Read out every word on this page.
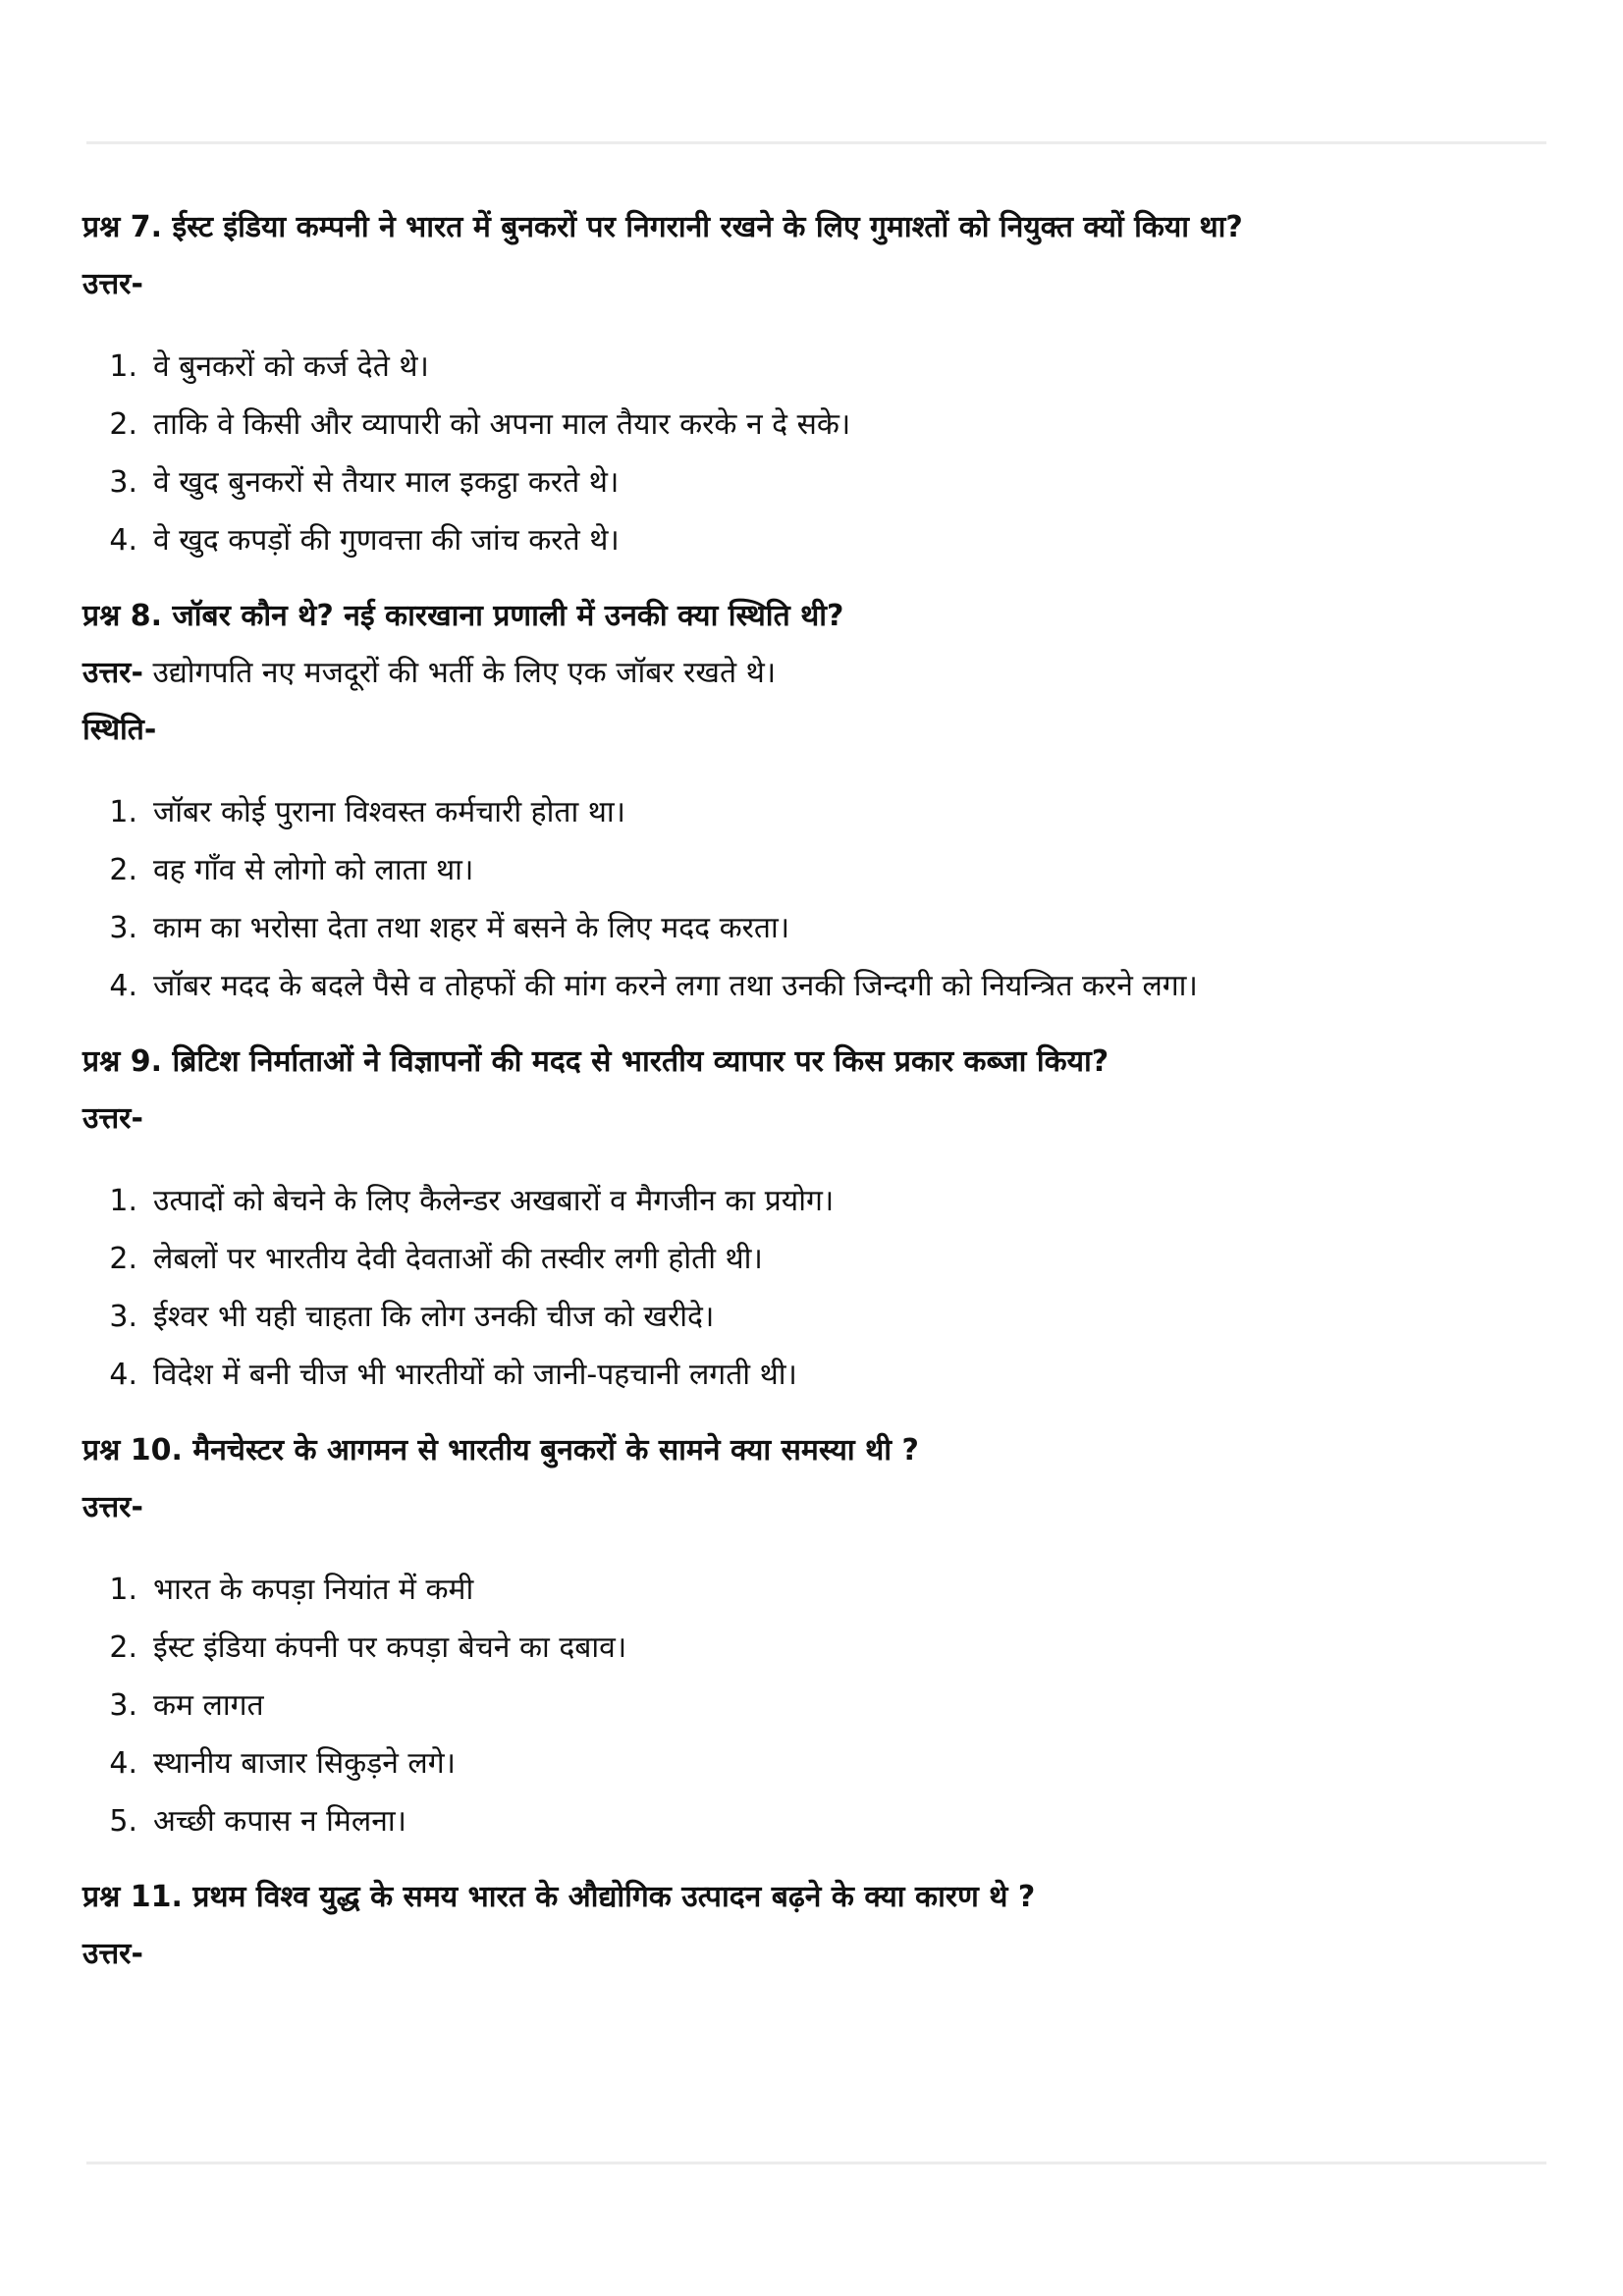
प्रश्न 7. ईस्ट इंडिया कम्पनी ने भारत में बुनकरों पर निगरानी रखने के लिए गुमाश्तों को नियुक्त क्यों किया था?

उत्तर-

1. वे बुनकरों को कर्ज देते थे।
2. ताकि वे किसी और व्यापारी को अपना माल तैयार करके न दे सके।
3. वे खुद बुनकरों से तैयार माल इकट्ठा करते थे।
4. वे खुद कपड़ों की गुणवत्ता की जांच करते थे।

प्रश्न 8. जॉबर कौन थे? नई कारखाना प्रणाली में उनकी क्या स्थिति थी?

उत्तर- उद्योगपति नए मजदूरों की भर्ती के लिए एक जॉबर रखते थे।

स्थिति-

1. जॉबर कोई पुराना विश्वस्त कर्मचारी होता था।
2. वह गाँव से लोगो को लाता था।
3. काम का भरोसा देता तथा शहर में बसने के लिए मदद करता।
4. जॉबर मदद के बदले पैसे व तोहफों की मांग करने लगा तथा उनकी जिन्दगी को नियन्त्रित करने लगा।

प्रश्न 9. ब्रिटिश निर्माताओं ने विज्ञापनों की मदद से भारतीय व्यापार पर किस प्रकार कब्जा किया?

उत्तर-

1. उत्पादों को बेचने के लिए कैलेन्डर अखबारों व मैगजीन का प्रयोग।
2. लेबलों पर भारतीय देवी देवताओं की तस्वीर लगी होती थी।
3. ईश्वर भी यही चाहता कि लोग उनकी चीज को खरीदे।
4. विदेश में बनी चीज भी भारतीयों को जानी-पहचानी लगती थी।

प्रश्न 10. मैनचेस्टर के आगमन से भारतीय बुनकरों के सामने क्या समस्या थी ?

उत्तर-

1. भारत के कपड़ा नियांत में कमी
2. ईस्ट इंडिया कंपनी पर कपड़ा बेचने का दबाव।
3. कम लागत
4. स्थानीय बाजार सिकुड़ने लगे।
5. अच्छी कपास न मिलना।

प्रश्न 11. प्रथम विश्व युद्ध के समय भारत के औद्योगिक उत्पादन बढ़ने के क्या कारण थे ?

उत्तर-
